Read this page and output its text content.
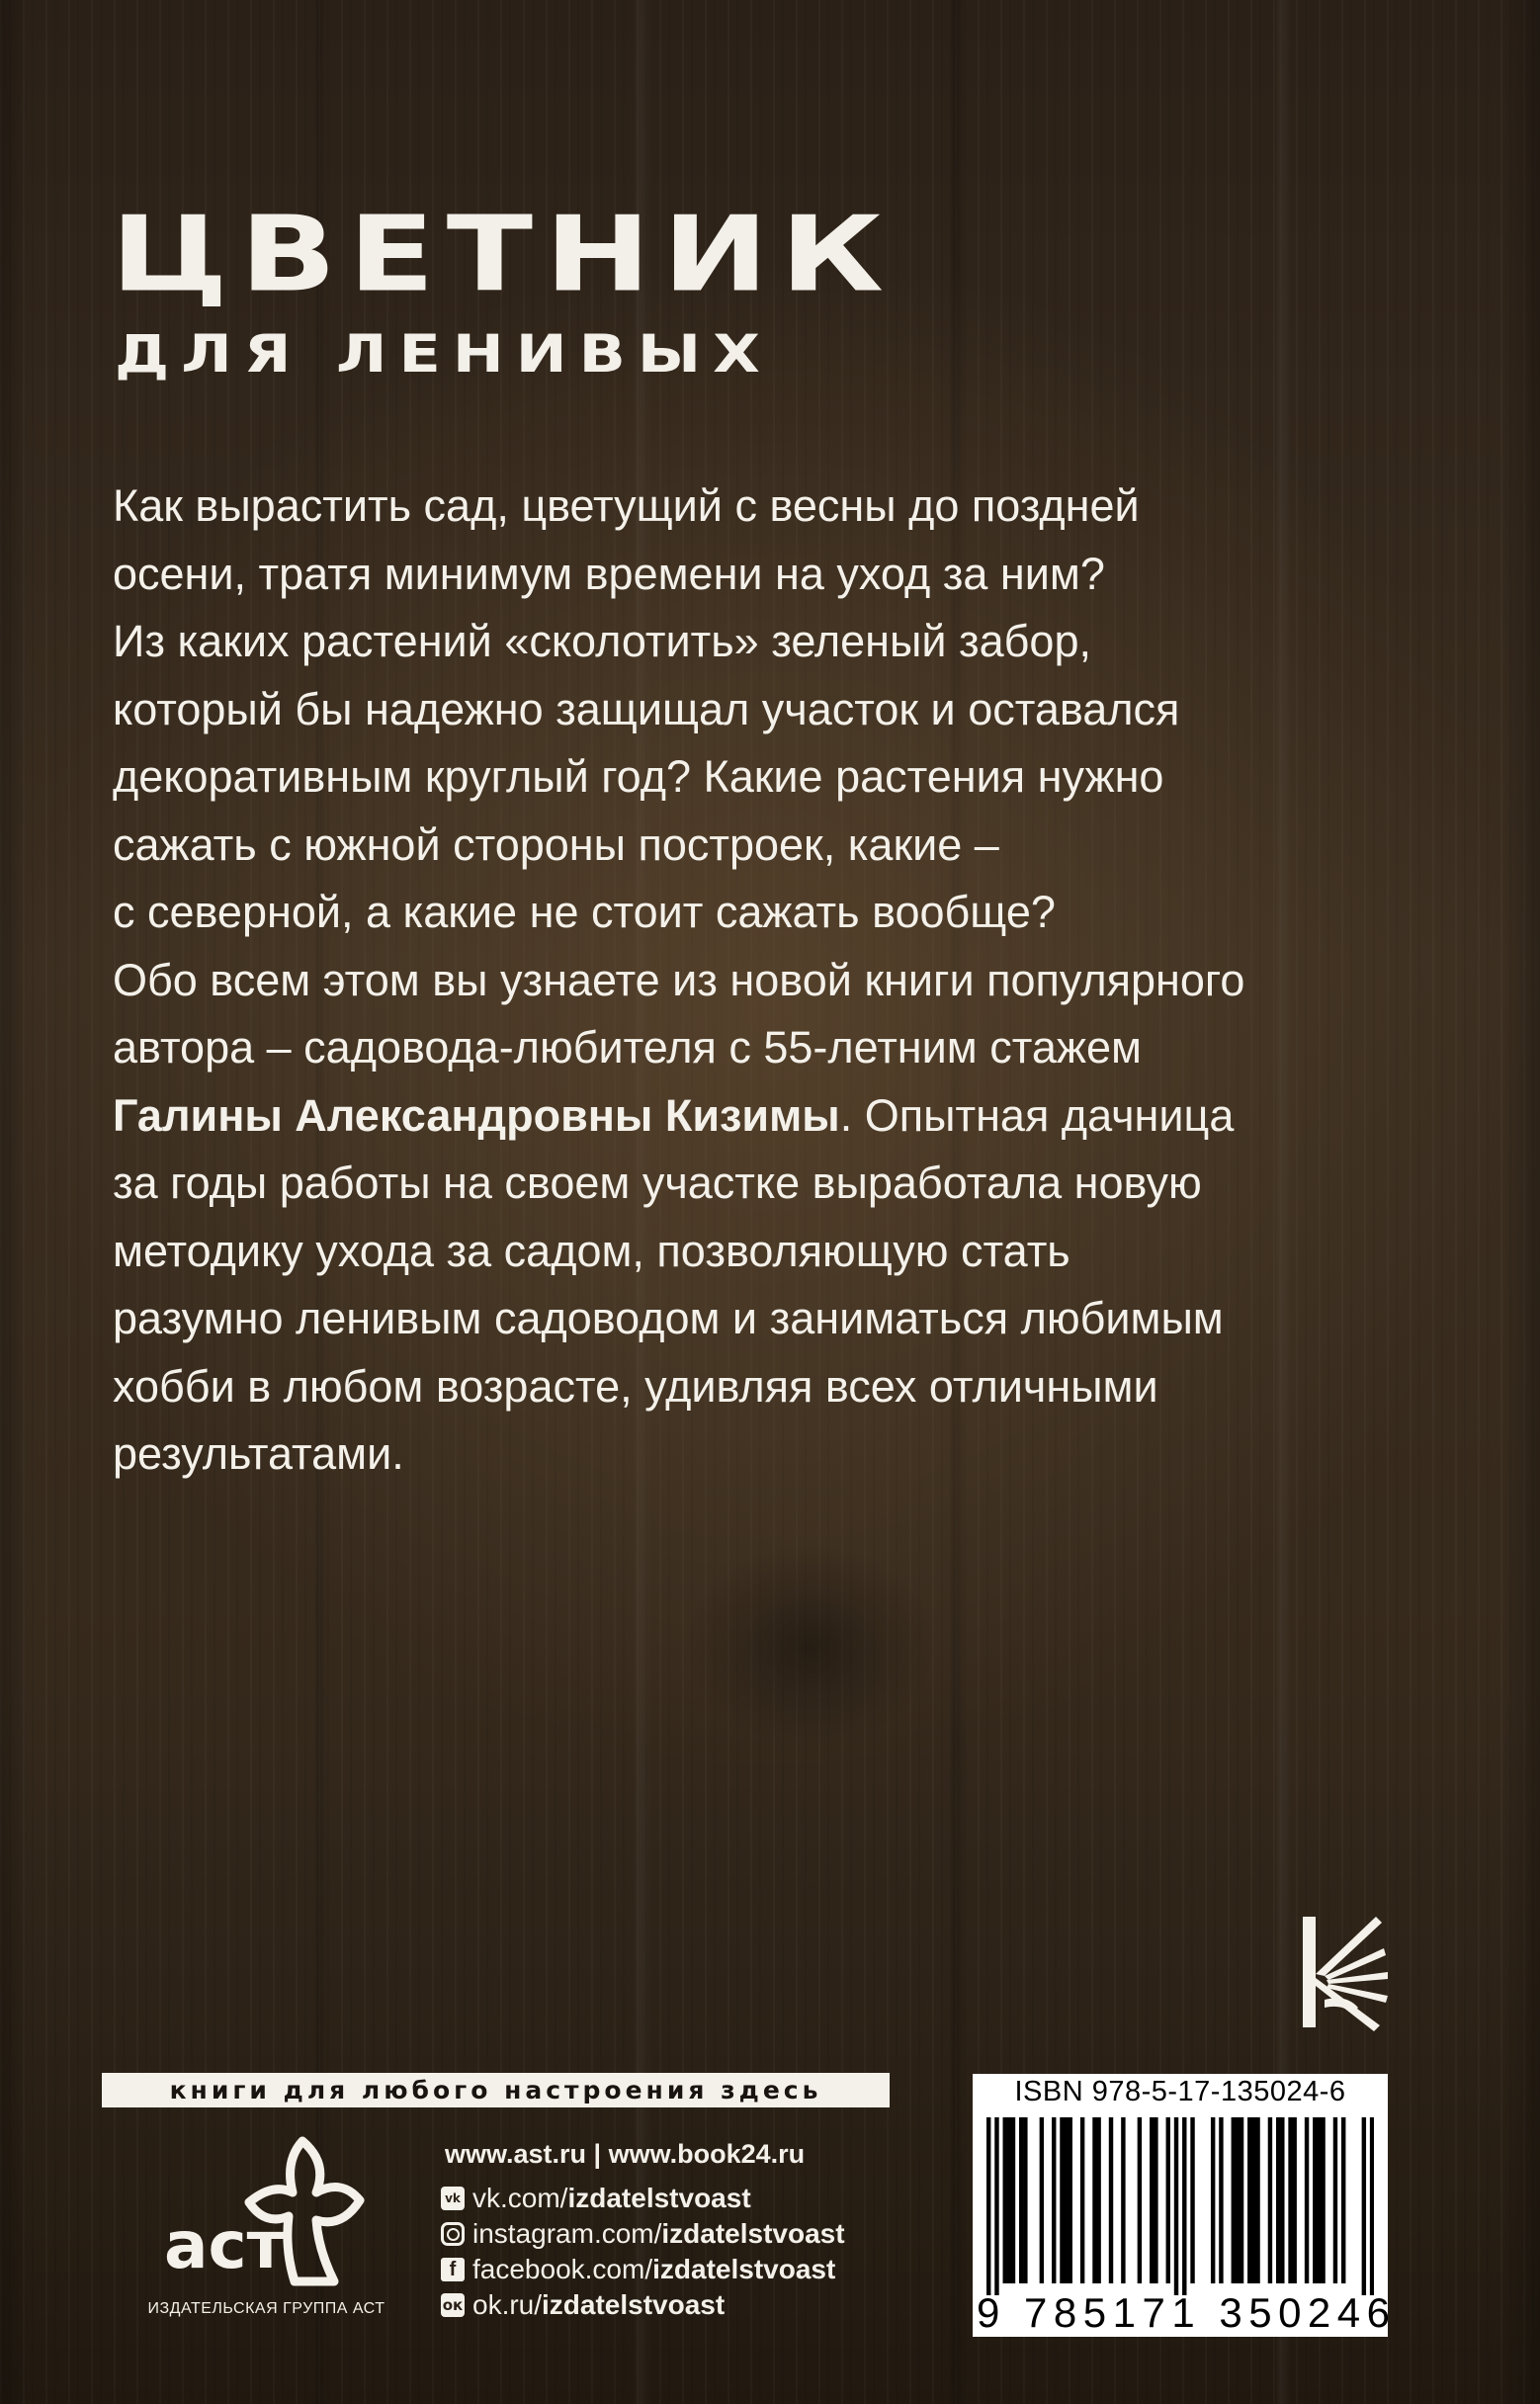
ЦВЕТНИК
ДЛЯ ЛЕНИВЫХ

Как вырастить сад, цветущий с весны до поздней

осени, тратя минимум времени на уход за ним?

Из каких растений «сколотить» зеленый забор,

который бы надежно защищал участок и оставался

декоративным круглый год? Какие растения нужно

сажать с южной стороны построек, какие –

с северной, а какие не стоит сажать вообще?

Обо всем этом вы узнаете из новой книги популярного

автора – садовода-любителя с 55-летним стажем

Галины Александровны Кизимы. Опытная дачница

за годы работы на своем участке выработала новую

методику ухода за садом, позволяющую стать

разумно ленивым садоводом и заниматься любимым

хобби в любом возрасте, удивляя всех отличными

результатами.

книги для любого настроения здесь
аст
ИЗДАТЕЛЬСКАЯ ГРУППА АСТ
www.ast.ru | www.book24.ru
vk vk.com/ izdatelstvoast
instagram.com/ izdatelstvoast
f facebook.com/ izdatelstvoast
ок ok.ru/ izdatelstvoast
ISBN 978-5-17-135024-6
9 785171 350246
